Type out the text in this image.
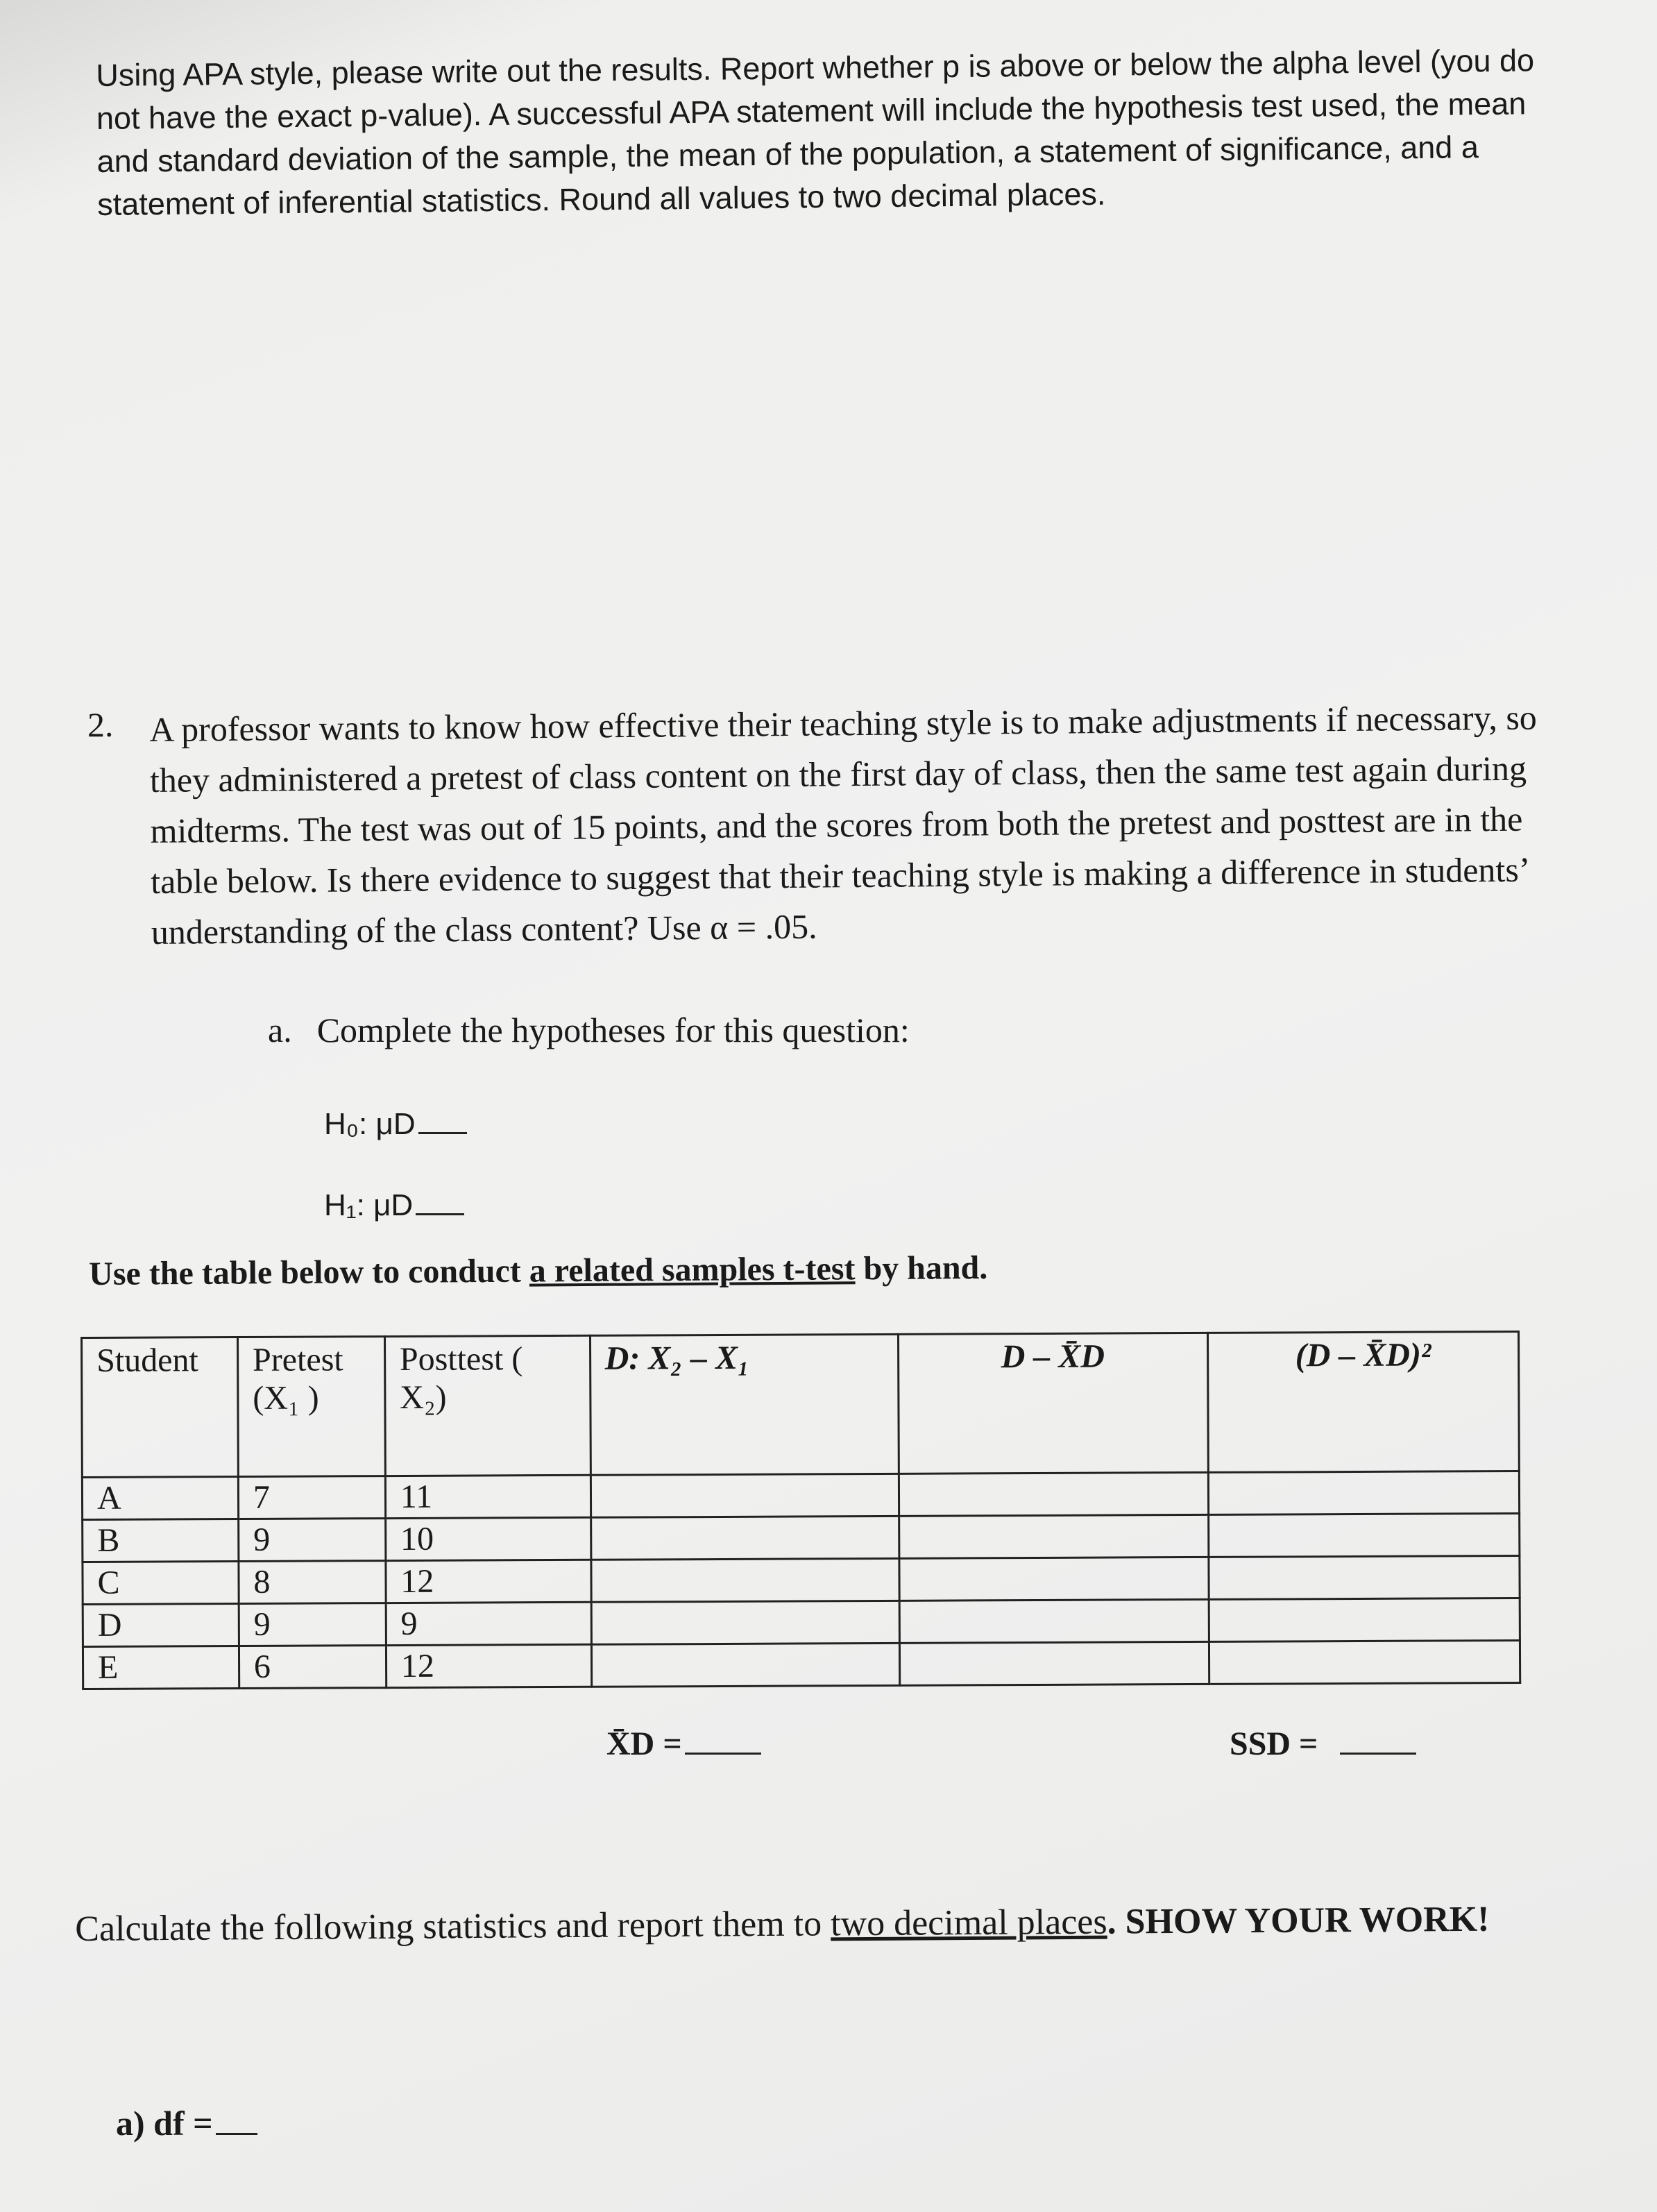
Using APA style, please write out the results. Report whether p is above or below the alpha level (you do not have the exact p-value). A successful APA statement will include the hypothesis test used, the mean and standard deviation of the sample, the mean of the population, a statement of significance, and a statement of inferential statistics. Round all values to two decimal places.
2. A professor wants to know how effective their teaching style is to make adjustments if necessary, so they administered a pretest of class content on the first day of class, then the same test again during midterms. The test was out of 15 points, and the scores from both the pretest and posttest are in the table below. Is there evidence to suggest that their teaching style is making a difference in students’ understanding of the class content? Use α = .05.
a. Complete the hypotheses for this question:
H₀: μD
H₁: μD
Use the table below to conduct a related samples t-test by hand.
Student	Pretest (X₁ )	Posttest ( X₂)	D: X₂ – X₁	D – X̄D	(D – X̄D)²
A	7	11			
B	9	10			
C	8	12			
D	9	9			
E	6	12			
X̄D =	SSD =
Calculate the following statistics and report them to two decimal places. SHOW YOUR WORK!
a) df =
